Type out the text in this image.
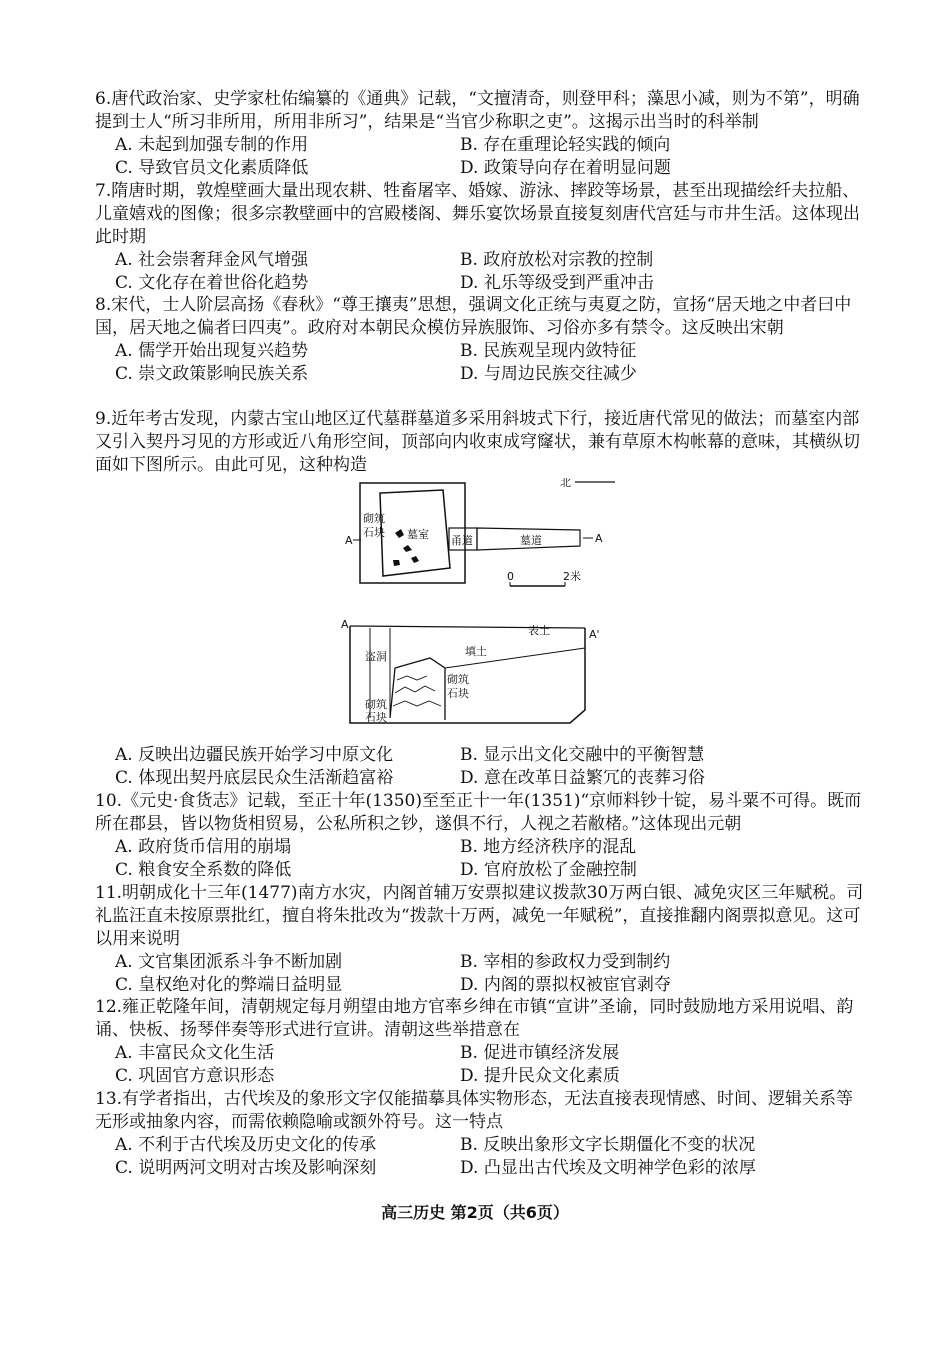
6.唐代政治家、史学家杜佑编纂的《通典》记载，“文擅清奇，则登甲科；藻思小减，则为不第”，明确提到士人“所习非所用，所用非所习”，结果是“当官少称职之吏”。这揭示出当时的科举制

A. 未起到加强专制的作用	B. 存在重理论轻实践的倾向
C. 导致官员文化素质降低	D. 政策导向存在着明显问题

7.隋唐时期，敦煌壁画大量出现农耕、牲畜屠宰、婚嫁、游泳、摔跤等场景，甚至出现描绘纤夫拉船、儿童嬉戏的图像；很多宗教壁画中的宫殿楼阁、舞乐宴饮场景直接复刻唐代宫廷与市井生活。这体现出此时期

A. 社会崇奢拜金风气增强	B. 政府放松对宗教的控制
C. 文化存在着世俗化趋势	D. 礼乐等级受到严重冲击

8.宋代，士人阶层高扬《春秋》“尊王攘夷”思想，强调文化正统与夷夏之防，宣扬“居天地之中者曰中国，居天地之偏者曰四夷”。政府对本朝民众模仿异族服饰、习俗亦多有禁令。这反映出宋朝

A. 儒学开始出现复兴趋势	B. 民族观呈现内敛特征
C. 崇文政策影响民族关系	D. 与周边民族交往减少

9.近年考古发现，内蒙古宝山地区辽代墓群墓道多采用斜坡式下行，接近唐代常见的做法；而墓室内部又引入契丹习见的方形或近八角形空间，顶部向内收束成穹窿状，兼有草原木构帐幕的意味，其横纵切面如下图所示。由此可见，这种构造

北
A
砌筑
石块 墓室 甬道	墓道	A
0	2米
A
A'
表土
填土
盗洞
砌筑
石块
砌筑
石块
A. 反映出边疆民族开始学习中原文化	B. 显示出文化交融中的平衡智慧
C. 体现出契丹底层民众生活渐趋富裕	D. 意在改革日益繁冗的丧葬习俗

10.《元史·食货志》记载，至正十年(1350)至至正十一年(1351)“京师料钞十锭，易斗粟不可得。既而所在郡县，皆以物货相贸易，公私所积之钞，遂俱不行，人视之若敝楮。”这体现出元朝

A. 政府货币信用的崩塌	B. 地方经济秩序的混乱
C. 粮食安全系数的降低	D. 官府放松了金融控制

11.明朝成化十三年(1477)南方水灾，内阁首辅万安票拟建议拨款30万两白银、减免灾区三年赋税。司礼监汪直未按原票批红，擅自将朱批改为“拨款十万两，减免一年赋税”，直接推翻内阁票拟意见。这可以用来说明

A. 文官集团派系斗争不断加剧	B. 宰相的参政权力受到制约
C. 皇权绝对化的弊端日益明显	D. 内阁的票拟权被宦官剥夺

12.雍正乾隆年间，清朝规定每月朔望由地方官率乡绅在市镇“宣讲”圣谕，同时鼓励地方采用说唱、韵诵、快板、扬琴伴奏等形式进行宣讲。清朝这些举措意在

A. 丰富民众文化生活	B. 促进市镇经济发展
C. 巩固官方意识形态	D. 提升民众文化素质

13.有学者指出，古代埃及的象形文字仅能描摹具体实物形态，无法直接表现情感、时间、逻辑关系等无形或抽象内容，而需依赖隐喻或额外符号。这一特点

A. 不利于古代埃及历史文化的传承	B. 反映出象形文字长期僵化不变的状况
C. 说明两河文明对古埃及影响深刻	D. 凸显出古代埃及文明神学色彩的浓厚
高三历史 第2页（共6页）
